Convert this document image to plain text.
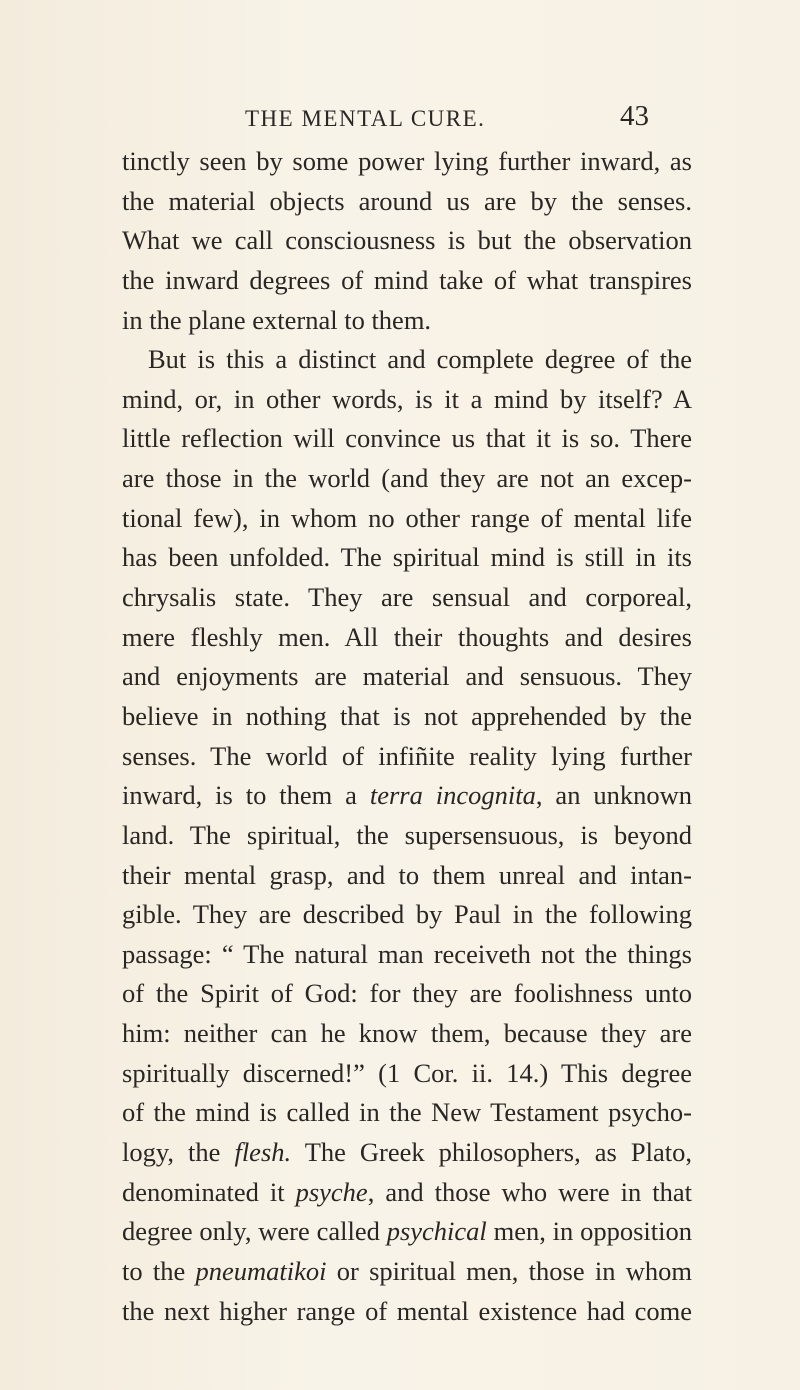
THE MENTAL CURE.	43
tinctly seen by some power lying further inward, as
the material objects around us are by the senses.
What we call consciousness is but the observation
the inward degrees of mind take of what transpires
in the plane external to them.
But is this a distinct and complete degree of the
mind, or, in other words, is it a mind by itself? A
little reflection will convince us that it is so. There
are those in the world (and they are not an excep-
tional few), in whom no other range of mental life
has been unfolded. The spiritual mind is still in its
chrysalis state. They are sensual and corporeal,
mere fleshly men. All their thoughts and desires
and enjoyments are material and sensuous. They
believe in nothing that is not apprehended by the
senses. The world of infiñite reality lying further
inward, is to them a terra incognita, an unknown
land. The spiritual, the supersensuous, is beyond
their mental grasp, and to them unreal and intan-
gible. They are described by Paul in the following
passage: “ The natural man receiveth not the things
of the Spirit of God: for they are foolishness unto
him: neither can he know them, because they are
spiritually discerned!” (1 Cor. ii. 14.) This degree
of the mind is called in the New Testament psycho-
logy, the flesh. The Greek philosophers, as Plato,
denominated it psyche, and those who were in that
degree only, were called psychical men, in opposition
to the pneumatikoi or spiritual men, those in whom
the next higher range of mental existence had come
